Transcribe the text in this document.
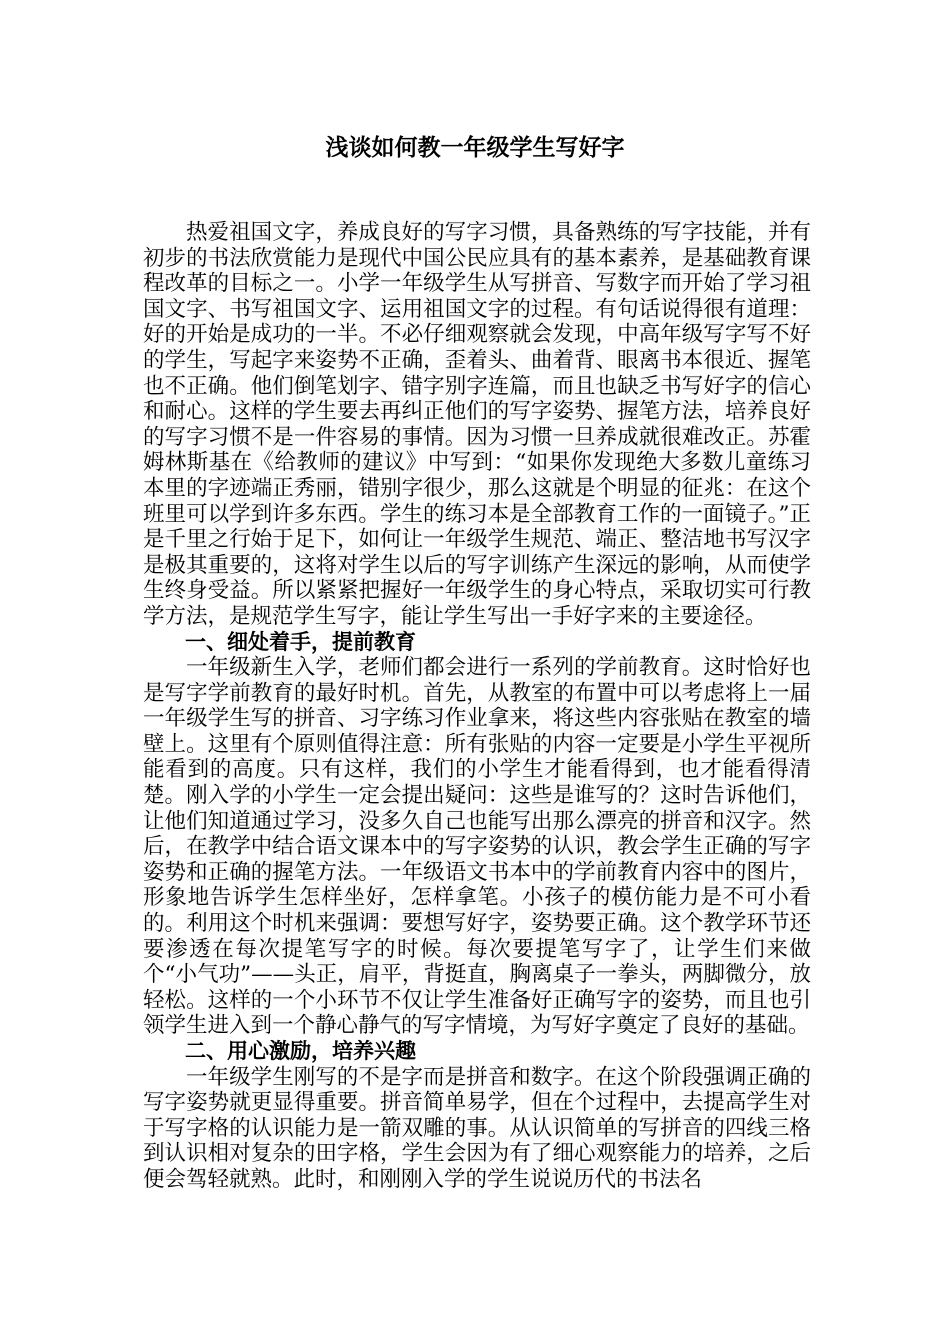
浅谈如何教一年级学生写好字

热爱祖国文字，养成良好的写字习惯，具备熟练的写字技能，并有初步的书法欣赏能力是现代中国公民应具有的基本素养，是基础教育课程改革的目标之一。小学一年级学生从写拼音、写数字而开始了学习祖国文字、书写祖国文字、运用祖国文字的过程。有句话说得很有道理：好的开始是成功的一半。不必仔细观察就会发现，中高年级写字写不好的学生，写起字来姿势不正确，歪着头、曲着背、眼离书本很近、握笔也不正确。他们倒笔划字、错字别字连篇，而且也缺乏书写好字的信心和耐心。这样的学生要去再纠正他们的写字姿势、握笔方法，培养良好的写字习惯不是一件容易的事情。因为习惯一旦养成就很难改正。苏霍姆林斯基在《给教师的建议》中写到：“如果你发现绝大多数儿童练习本里的字迹端正秀丽，错别字很少，那么这就是个明显的征兆：在这个班里可以学到许多东西。学生的练习本是全部教育工作的一面镜子。”正是千里之行始于足下，如何让一年级学生规范、端正、整洁地书写汉字是极其重要的，这将对学生以后的写字训练产生深远的影响，从而使学生终身受益。所以紧紧把握好一年级学生的身心特点，采取切实可行教学方法，是规范学生写字，能让学生写出一手好字来的主要途径。

一、细处着手，提前教育

一年级新生入学，老师们都会进行一系列的学前教育。这时恰好也是写字学前教育的最好时机。首先，从教室的布置中可以考虑将上一届一年级学生写的拼音、习字练习作业拿来，将这些内容张贴在教室的墙壁上。这里有个原则值得注意：所有张贴的内容一定要是小学生平视所能看到的高度。只有这样，我们的小学生才能看得到，也才能看得清楚。刚入学的小学生一定会提出疑问：这些是谁写的？这时告诉他们，让他们知道通过学习，没多久自己也能写出那么漂亮的拼音和汉字。然后，在教学中结合语文课本中的写字姿势的认识，教会学生正确的写字姿势和正确的握笔方法。一年级语文书本中的学前教育内容中的图片，形象地告诉学生怎样坐好，怎样拿笔。小孩子的模仿能力是不可小看的。利用这个时机来强调：要想写好字，姿势要正确。这个教学环节还要渗透在每次提笔写字的时候。每次要提笔写字了，让学生们来做个“小气功”——头正，肩平，背挺直，胸离桌子一拳头，两脚微分，放轻松。这样的一个小环节不仅让学生准备好正确写字的姿势，而且也引领学生进入到一个静心静气的写字情境，为写好字奠定了良好的基础。

二、用心激励，培养兴趣

一年级学生刚写的不是字而是拼音和数字。在这个阶段强调正确的写字姿势就更显得重要。拼音简单易学，但在个过程中，去提高学生对于写字格的认识能力是一箭双雕的事。从认识简单的写拼音的四线三格到认识相对复杂的田字格，学生会因为有了细心观察能力的培养，之后便会驾轻就熟。此时，和刚刚入学的学生说说历代的书法名
